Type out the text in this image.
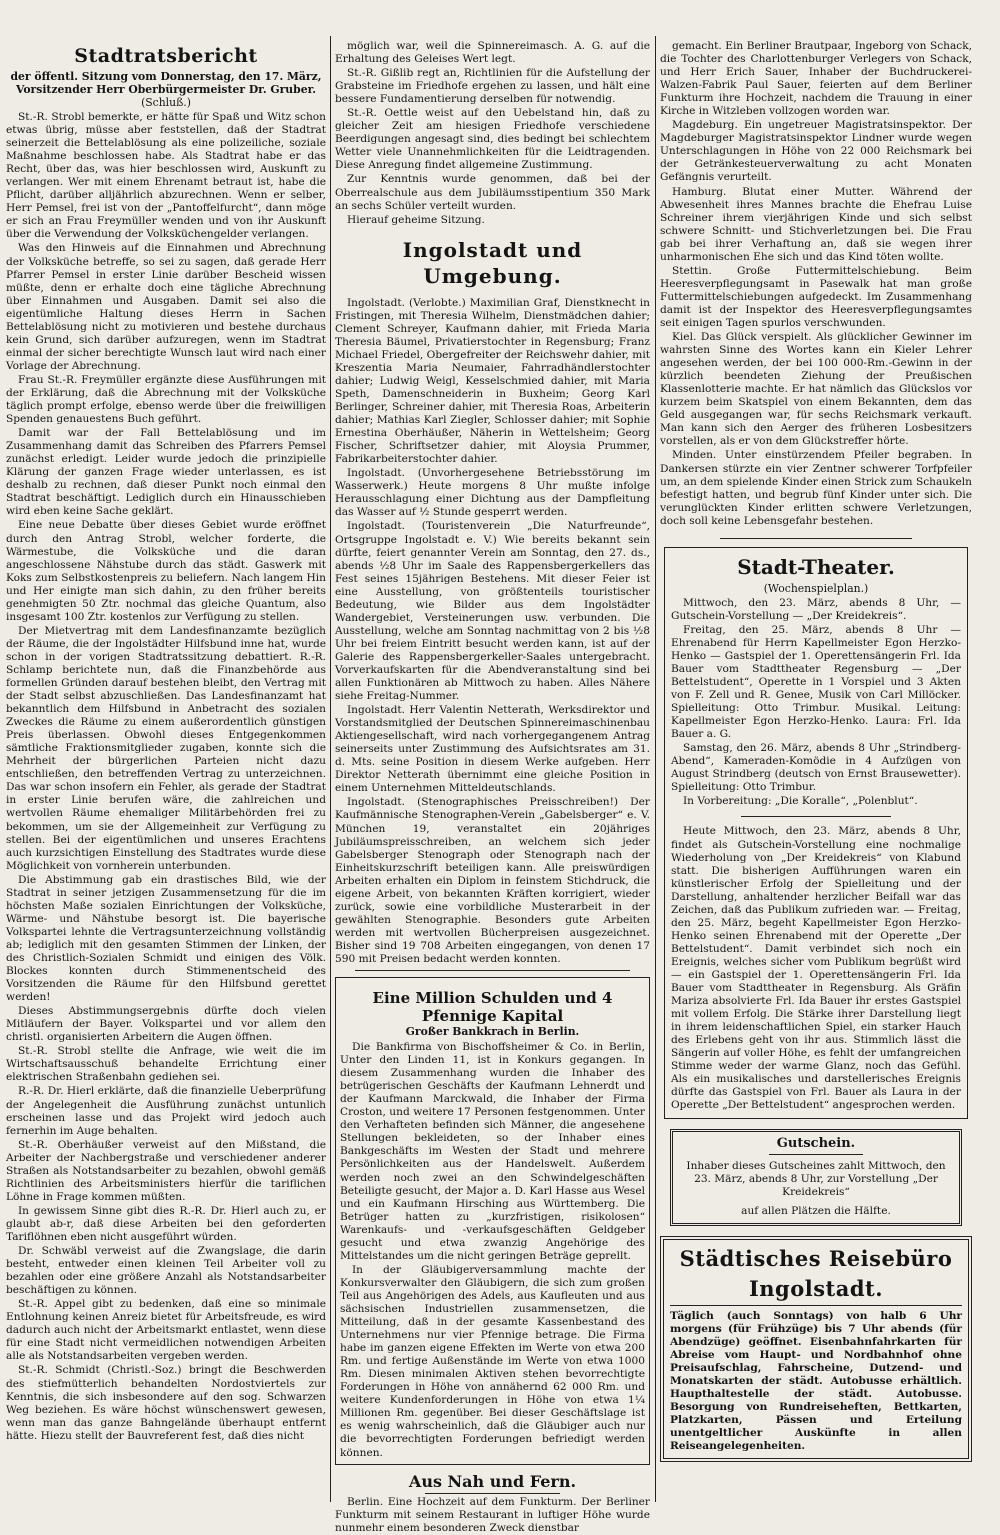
Stadtratsbericht
der öffentl. Sitzung vom Donnerstag, den 17. März,
Vorsitzender Herr Oberbürgermeister Dr. Gruber.
(Schluß.)

St.-R. Strobl bemerkte, er hätte für Spaß und Witz schon etwas übrig, müsse aber feststellen, daß der Stadtrat seinerzeit die Bettelablösung als eine polizeiliche, soziale Maßnahme beschlossen habe. Als Stadtrat habe er das Recht, über das, was hier beschlossen wird, Auskunft zu verlangen. Wer mit einem Ehrenamt betraut ist, habe die Pflicht, darüber alljährlich abzurechnen. Wenn er selber, Herr Pemsel, frei ist von der „Pantoffelfurcht“, dann möge er sich an Frau Freymüller wenden und von ihr Auskunft über die Verwendung der Volksküchengelder verlangen.

Was den Hinweis auf die Einnahmen und Abrechnung der Volksküche betreffe, so sei zu sagen, daß gerade Herr Pfarrer Pemsel in erster Linie darüber Bescheid wissen müßte, denn er erhalte doch eine tägliche Abrechnung über Einnahmen und Ausgaben. Damit sei also die eigentümliche Haltung dieses Herrn in Sachen Bettelablösung nicht zu motivieren und bestehe durchaus kein Grund, sich darüber aufzuregen, wenn im Stadtrat einmal der sicher berechtigte Wunsch laut wird nach einer Vorlage der Abrechnung.

Frau St.-R. Freymüller ergänzte diese Ausführungen mit der Erklärung, daß die Abrechnung mit der Volksküche täglich prompt erfolge, ebenso werde über die freiwilligen Spenden genauestens Buch geführt.

Damit war der Fall Bettelablösung und im Zusammenhang damit das Schreiben des Pfarrers Pemsel zunächst erledigt. Leider wurde jedoch die prinzipielle Klärung der ganzen Frage wieder unterlassen, es ist deshalb zu rechnen, daß dieser Punkt noch einmal den Stadtrat beschäftigt. Lediglich durch ein Hinausschieben wird eben keine Sache geklärt.

Eine neue Debatte über dieses Gebiet wurde eröffnet durch den Antrag Strobl, welcher forderte, die Wärmestube, die Volksküche und die daran angeschlossene Nähstube durch das städt. Gaswerk mit Koks zum Selbstkostenpreis zu beliefern. Nach langem Hin und Her einigte man sich dahin, zu den früher bereits genehmigten 50 Ztr. nochmal das gleiche Quantum, also insgesamt 100 Ztr. kostenlos zur Verfügung zu stellen.

Der Mietvertrag mit dem Landesfinanzamte bezüglich der Räume, die der Ingolstädter Hilfsbund inne hat, wurde schon in der vorigen Stadtratssitzung debattiert. R.-R. Schlamp berichtete nun, daß die Finanzbehörde aus formellen Gründen darauf bestehen bleibt, den Vertrag mit der Stadt selbst abzuschließen. Das Landesfinanzamt hat bekanntlich dem Hilfsbund in Anbetracht des sozialen Zweckes die Räume zu einem außerordentlich günstigen Preis überlassen. Obwohl dieses Entgegenkommen sämtliche Fraktionsmitglieder zugaben, konnte sich die Mehrheit der bürgerlichen Parteien nicht dazu entschließen, den betreffenden Vertrag zu unterzeichnen. Das war schon insofern ein Fehler, als gerade der Stadtrat in erster Linie berufen wäre, die zahlreichen und wertvollen Räume ehemaliger Militärbehörden frei zu bekommen, um sie der Allgemeinheit zur Verfügung zu stellen. Bei der eigentümlichen und unseres Erachtens auch kurzsichtigen Einstellung des Stadtrates wurde diese Möglichkeit von vornherein unterbunden.

Die Abstimmung gab ein drastisches Bild, wie der Stadtrat in seiner jetzigen Zusammensetzung für die im höchsten Maße sozialen Einrichtungen der Volksküche, Wärme- und Nähstube besorgt ist. Die bayerische Volkspartei lehnte die Vertragsunterzeichnung vollständig ab; lediglich mit den gesamten Stimmen der Linken, der des Christlich-Sozialen Schmidt und einigen des Völk. Blockes konnten durch Stimmenentscheid des Vorsitzenden die Räume für den Hilfsbund gerettet werden!

Dieses Abstimmungsergebnis dürfte doch vielen Mitläufern der Bayer. Volkspartei und vor allem den christl. organisierten Arbeitern die Augen öffnen.

St.-R. Strobl stellte die Anfrage, wie weit die im Wirtschaftsausschuß behandelte Errichtung einer elektrischen Straßenbahn gediehen sei.

R.-R. Dr. Hierl erklärte, daß die finanzielle Ueberprüfung der Angelegenheit die Ausführung zunächst untunlich erscheinen lasse und das Projekt wird jedoch auch fernerhin im Auge behalten.

St.-R. Oberhäußer verweist auf den Mißstand, die Arbeiter der Nachbergstraße und verschiedener anderer Straßen als Notstandsarbeiter zu bezahlen, obwohl gemäß Richtlinien des Arbeitsministers hierfür die tariflichen Löhne in Frage kommen müßten.

In gewissem Sinne gibt dies R.-R. Dr. Hierl auch zu, er glaubt ab-r, daß diese Arbeiten bei den geforderten Tariflöhnen eben nicht ausgeführt würden.

Dr. Schwäbl verweist auf die Zwangslage, die darin besteht, entweder einen kleinen Teil Arbeiter voll zu bezahlen oder eine größere Anzahl als Notstandsarbeiter beschäftigen zu können.

St.-R. Appel gibt zu bedenken, daß eine so minimale Entlohnung keinen Anreiz bietet für Arbeitsfreude, es wird dadurch auch nicht der Arbeitsmarkt entlastet, wenn diese für eine Stadt nicht vermeidlichen notwendigen Arbeiten alle als Notstandsarbeiten vergeben werden.

St.-R. Schmidt (Christl.-Soz.) bringt die Beschwerden des stiefmütterlich behandelten Nordostviertels zur Kenntnis, die sich insbesondere auf den sog. Schwarzen Weg beziehen. Es wäre höchst wünschenswert gewesen, wenn man das ganze Bahngelände überhaupt entfernt hätte. Hiezu stellt der Bauvreferent fest, daß dies nicht

möglich war, weil die Spinnereimasch. A. G. auf die Erhaltung des Geleises Wert legt.

St.-R. Gißlib regt an, Richtlinien für die Aufstellung der Grabsteine im Friedhofe ergehen zu lassen, und hält eine bessere Fundamentierung derselben für notwendig.

St.-R. Oettle weist auf den Uebelstand hin, daß zu gleicher Zeit am hiesigen Friedhofe verschiedene Beerdigungen angesagt sind, dies bedingt bei schlechtem Wetter viele Unannehmlichkeiten für die Leidtragenden. Diese Anregung findet allgemeine Zustimmung.

Zur Kenntnis wurde genommen, daß bei der Oberrealschule aus dem Jubiläumsstipentium 350 Mark an sechs Schüler verteilt wurden.

Hierauf geheime Sitzung.

Ingolstadt und Umgebung.

Ingolstadt. (Verlobte.) Maximilian Graf, Dienstknecht in Fristingen, mit Theresia Wilhelm, Dienstmädchen dahier; Clement Schreyer, Kaufmann dahier, mit Frieda Maria Theresia Bäumel, Privatierstochter in Regensburg; Franz Michael Friedel, Obergefreiter der Reichswehr dahier, mit Kreszentia Maria Neumaier, Fahrradhändlerstochter dahier; Ludwig Weigl, Kesselschmied dahier, mit Maria Speth, Damenschneiderin in Buxheim; Georg Karl Berlinger, Schreiner dahier, mit Theresia Roas, Arbeiterin dahier; Mathias Karl Ziegler, Schlosser dahier; mit Sophie Ernestina Oberhäußer, Näherin in Wettelsheim; Georg Fischer, Schriftsetzer dahier, mit Aloysia Prummer, Fabrikarbeiterstochter dahier.

Ingolstadt. (Unvorhergesehene Betriebsstörung im Wasserwerk.) Heute morgens 8 Uhr mußte infolge Herausschlagung einer Dichtung aus der Dampfleitung das Wasser auf ½ Stunde gesperrt werden.

Ingolstadt. (Touristenverein „Die Naturfreunde“, Ortsgruppe Ingolstadt e. V.) Wie bereits bekannt sein dürfte, feiert genannter Verein am Sonntag, den 27. ds., abends ½8 Uhr im Saale des Rappensbergerkellers das Fest seines 15jährigen Bestehens. Mit dieser Feier ist eine Ausstellung, von größtenteils touristischer Bedeutung, wie Bilder aus dem Ingolstädter Wandergebiet, Versteinerungen usw. verbunden. Die Ausstellung, welche am Sonntag nachmittag von 2 bis ½8 Uhr bei freiem Eintritt besucht werden kann, ist auf der Galerie des Rappensbergerkeller-Saales untergebracht. Vorverkaufskarten für die Abendveranstaltung sind bei allen Funktionären ab Mittwoch zu haben. Alles Nähere siehe Freitag-Nummer.

Ingolstadt. Herr Valentin Netterath, Werksdirektor und Vorstandsmitglied der Deutschen Spinnereimaschinenbau Aktiengesellschaft, wird nach vorhergegangenem Antrag seinerseits unter Zustimmung des Aufsichtsrates am 31. d. Mts. seine Position in diesem Werke aufgeben. Herr Direktor Netterath übernimmt eine gleiche Position in einem Unternehmen Mitteldeutschlands.

Ingolstadt. (Stenographisches Preisschreiben!) Der Kaufmännische Stenographen-Verein „Gabelsberger“ e. V. München 19, veranstaltet ein 20jähriges Jubiläumspreisschreiben, an welchem sich jeder Gabelsberger Stenograph oder Stenograph nach der Einheitskurzschrift beteiligen kann. Alle preiswürdigen Arbeiten erhalten ein Diplom in feinstem Stichdruck, die eigene Arbeit, von bekannten Kräften korrigiert, wieder zurück, sowie eine vorbildliche Musterarbeit in der gewählten Stenographie. Besonders gute Arbeiten werden mit wertvollen Bücherpreisen ausgezeichnet. Bisher sind 19 708 Arbeiten eingegangen, von denen 17 590 mit Preisen bedacht werden konnten.

Eine Million Schulden und 4 Pfennige Kapital
Großer Bankkrach in Berlin.

Die Bankfirma von Bischoffsheimer & Co. in Berlin, Unter den Linden 11, ist in Konkurs gegangen. In diesem Zusammenhang wurden die Inhaber des betrügerischen Geschäfts der Kaufmann Lehnerdt und der Kaufmann Marckwald, die Inhaber der Firma Croston, und weitere 17 Personen festgenommen. Unter den Verhafteten befinden sich Männer, die angesehene Stellungen bekleideten, so der Inhaber eines Bankgeschäfts im Westen der Stadt und mehrere Persönlichkeiten aus der Handelswelt. Außerdem werden noch zwei an den Schwindelgeschäften Beteiligte gesucht, der Major a. D. Karl Hasse aus Wesel und ein Kaufmann Hirsching aus Württemberg. Die Betrüger hatten zu „kurzfristigen, risikolosen“ Warenkaufs- und -verkaufsgeschäften Geldgeber gesucht und etwa zwanzig Angehörige des Mittelstandes um die nicht geringen Beträge geprellt.

In der Gläubigerversammlung machte der Konkursverwalter den Gläubigern, die sich zum großen Teil aus Angehörigen des Adels, aus Kaufleuten und aus sächsischen Industriellen zusammensetzen, die Mitteilung, daß in der gesamte Kassenbestand des Unternehmens nur vier Pfennige betrage. Die Firma habe im ganzen eigene Effekten im Werte von etwa 200 Rm. und fertige Außenstände im Werte von etwa 1000 Rm. Diesen minimalen Aktiven stehen bevorrechtigte Forderungen in Höhe von annähernd 62 000 Rm. und weitere Kundenforderungen in Höhe von etwa 1¼ Millionen Rm. gegenüber. Bei dieser Geschäftslage ist es wenig wahrscheinlich, daß die Gläubiger auch nur die bevorrechtigten Forderungen befriedigt werden können.

Aus Nah und Fern.

Berlin. Eine Hochzeit auf dem Funkturm. Der Berliner Funkturm mit seinem Restaurant in luftiger Höhe wurde nunmehr einem besonderen Zweck dienstbar

gemacht. Ein Berliner Brautpaar, Ingeborg von Schack, die Tochter des Charlottenburger Verlegers von Schack, und Herr Erich Sauer, Inhaber der Buchdruckerei-Walzen-Fabrik Paul Sauer, feierten auf dem Berliner Funkturm ihre Hochzeit, nachdem die Trauung in einer Kirche in Witzleben vollzogen worden war.

Magdeburg. Ein ungetreuer Magistratsinspektor. Der Magdeburger Magistratsinspektor Lindner wurde wegen Unterschlagungen in Höhe von 22 000 Reichsmark bei der Getränkesteuerverwaltung zu acht Monaten Gefängnis verurteilt.

Hamburg. Blutat einer Mutter. Während der Abwesenheit ihres Mannes brachte die Ehefrau Luise Schreiner ihrem vierjährigen Kinde und sich selbst schwere Schnitt- und Stichverletzungen bei. Die Frau gab bei ihrer Verhaftung an, daß sie wegen ihrer unharmonischen Ehe sich und das Kind töten wollte.

Stettin. Große Futtermittelschiebung. Beim Heeresverpflegungsamt in Pasewalk hat man große Futtermittelschiebungen aufgedeckt. Im Zusammenhang damit ist der Inspektor des Heeresverpflegungsamtes seit einigen Tagen spurlos verschwunden.

Kiel. Das Glück verspielt. Als glücklicher Gewinner im wahrsten Sinne des Wortes kann ein Kieler Lehrer angesehen werden, der bei 100 000-Rm.-Gewinn in der kürzlich beendeten Ziehung der Preußischen Klassenlotterie machte. Er hat nämlich das Glückslos vor kurzem beim Skatspiel von einem Bekannten, dem das Geld ausgegangen war, für sechs Reichsmark verkauft. Man kann sich den Aerger des früheren Losbesitzers vorstellen, als er von dem Glückstreffer hörte.

Minden. Unter einstürzendem Pfeiler begraben. In Dankersen stürzte ein vier Zentner schwerer Torfpfeiler um, an dem spielende Kinder einen Strick zum Schaukeln befestigt hatten, und begrub fünf Kinder unter sich. Die verunglückten Kinder erlitten schwere Verletzungen, doch soll keine Lebensgefahr bestehen.

Stadt-Theater.
(Wochenspielplan.)

Mittwoch, den 23. März, abends 8 Uhr, — Gutschein-Vorstellung — „Der Kreidekreis“.

Freitag, den 25. März, abends 8 Uhr — Ehrenabend für Herrn Kapellmeister Egon Herzko-Henko — Gastspiel der 1. Operettensängerin Frl. Ida Bauer vom Stadttheater Regensburg — „Der Bettelstudent“, Operette in 1 Vorspiel und 3 Akten von F. Zell und R. Genee, Musik von Carl Millöcker. Spielleitung: Otto Trimbur. Musikal. Leitung: Kapellmeister Egon Herzko-Henko. Laura: Frl. Ida Bauer a. G.

Samstag, den 26. März, abends 8 Uhr „Strindberg-Abend“, Kameraden-Komödie in 4 Aufzügen von August Strindberg (deutsch von Ernst Brausewetter). Spielleitung: Otto Trimbur.

In Vorbereitung: „Die Koralle“, „Polenblut“.

Heute Mittwoch, den 23. März, abends 8 Uhr, findet als Gutschein-Vorstellung eine nochmalige Wiederholung von „Der Kreidekreis“ von Klabund statt. Die bisherigen Aufführungen waren ein künstlerischer Erfolg der Spielleitung und der Darstellung, anhaltender herzlicher Beifall war das Zeichen, daß das Publikum zufrieden war. — Freitag, den 25. März, begeht Kapellmeister Egon Herzko-Henko seinen Ehrenabend mit der Operette „Der Bettelstudent“. Damit verbindet sich noch ein Ereignis, welches sicher vom Publikum begrüßt wird — ein Gastspiel der 1. Operettensängerin Frl. Ida Bauer vom Stadttheater in Regensburg. Als Gräfin Mariza absolvierte Frl. Ida Bauer ihr erstes Gastspiel mit vollem Erfolg. Die Stärke ihrer Darstellung liegt in ihrem leidenschaftlichen Spiel, ein starker Hauch des Erlebens geht von ihr aus. Stimmlich lässt die Sängerin auf voller Höhe, es fehlt der umfangreichen Stimme weder der warme Glanz, noch das Gefühl. Als ein musikalisches und darstellerisches Ereignis dürfte das Gastspiel von Frl. Bauer als Laura in der Operette „Der Bettelstudent“ angesprochen werden.

Gutschein.

Inhaber dieses Gutscheines zahlt Mittwoch, den 23. März, abends 8 Uhr, zur Vorstellung „Der Kreidekreis“

auf allen Plätzen die Hälfte.

Städtisches Reisebüro Ingolstadt.

Täglich (auch Sonntags) von halb 6 Uhr morgens (für Frühzüge) bis 7 Uhr abends (für Abendzüge) geöffnet. Eisenbahnfahrkarten für Abreise vom Haupt- und Nordbahnhof ohne Preisaufschlag, Fahrscheine, Dutzend- und Monatskarten der städt. Autobusse erhältlich. Haupthaltestelle der städt. Autobusse. Besorgung von Rundreiseheften, Bettkarten, Platzkarten, Pässen und Erteilung unentgeltlicher Auskünfte in allen Reiseangelegenheiten.
